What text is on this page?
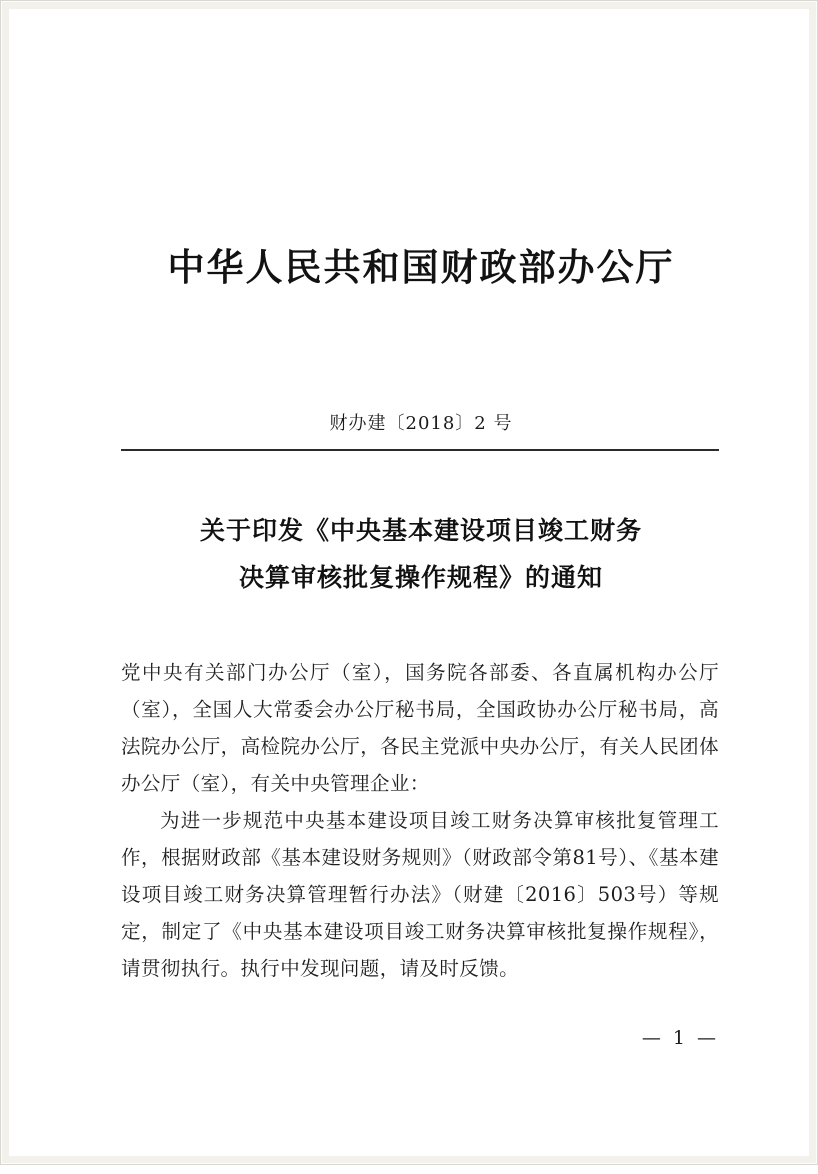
中华人民共和国财政部办公厅
财办建〔2018〕2 号
关于印发《中央基本建设项目竣工财务
决算审核批复操作规程》的通知

党中央有关部门办公厅（室），国务院各部委、各直属机构办公厅（室），全国人大常委会办公厅秘书局，全国政协办公厅秘书局，高法院办公厅，高检院办公厅，各民主党派中央办公厅，有关人民团体办公厅（室），有关中央管理企业：

为进一步规范中央基本建设项目竣工财务决算审核批复管理工作，根据财政部《基本建设财务规则》（财政部令第81号）、《基本建设项目竣工财务决算管理暂行办法》（财建〔2016〕503号）等规定，制定了《中央基本建设项目竣工财务决算审核批复操作规程》，请贯彻执行。执行中发现问题，请及时反馈。

— 1 —
